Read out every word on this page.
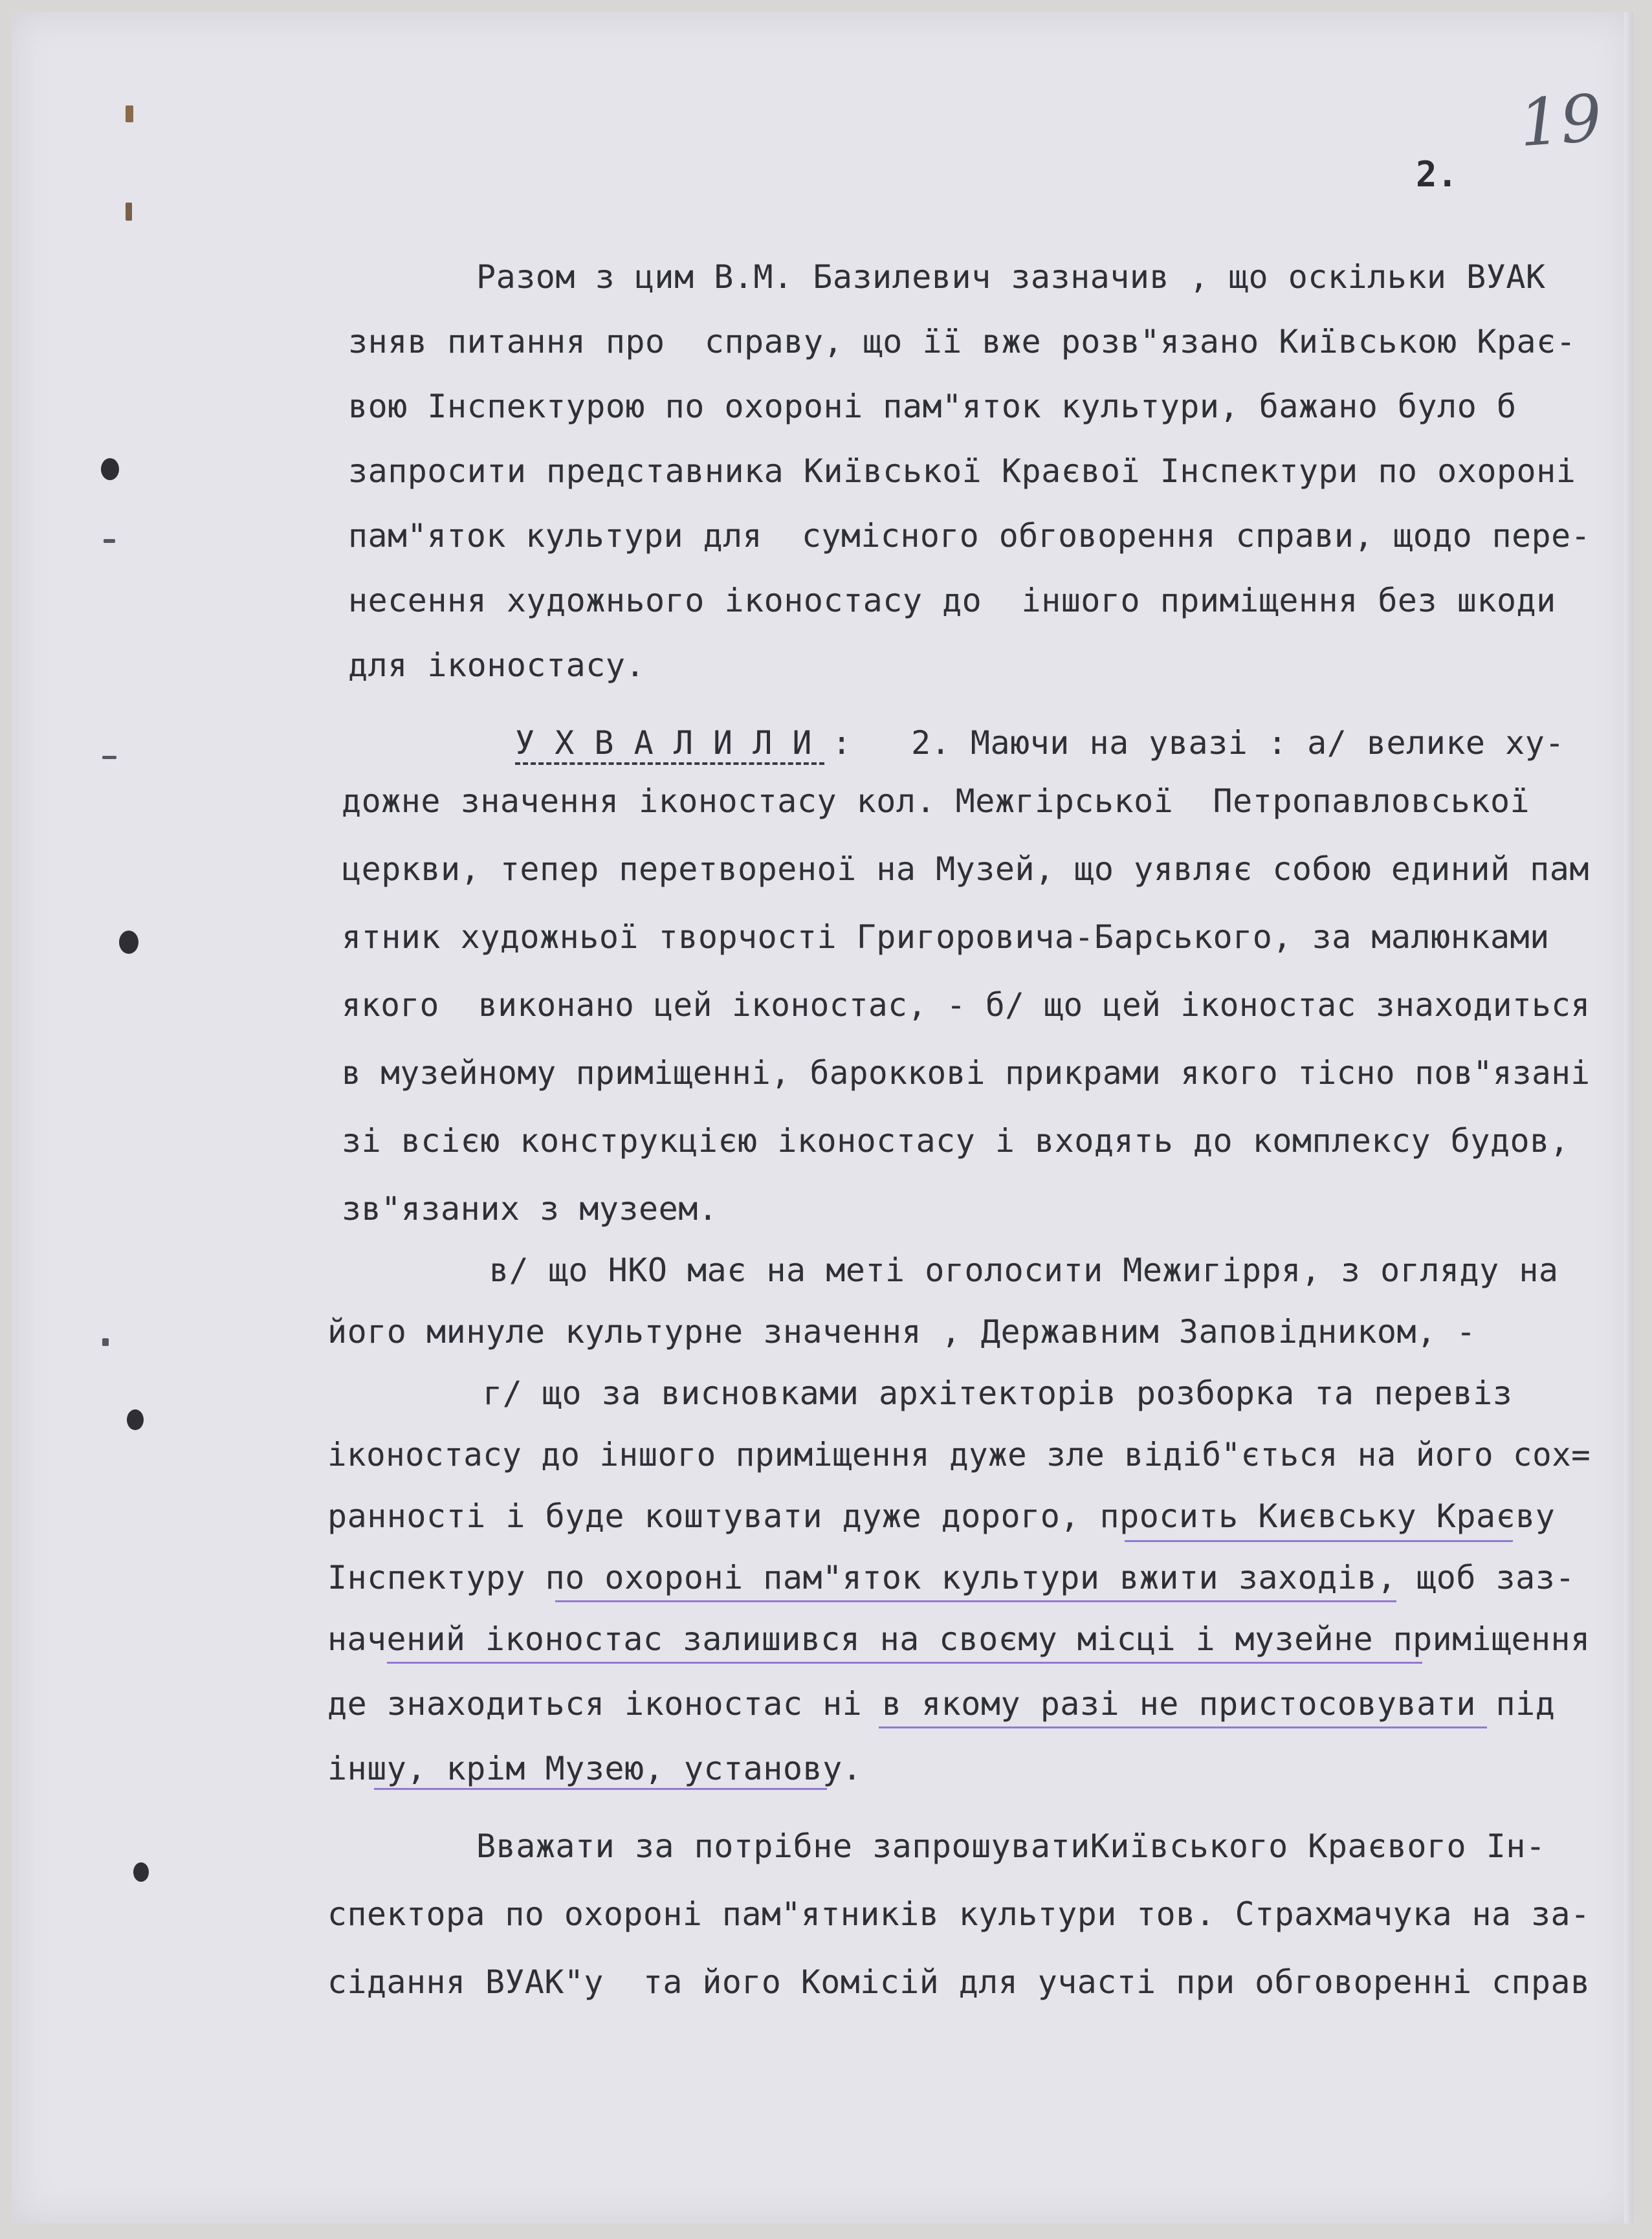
19
2.
Разом з цим В.М. Базилевич зазначив , що оскільки ВУАК
зняв питання про  справу, що її вже розв"язано Київською Крає-
вою Інспектурою по охороні пам"яток культури, бажано було б
запросити представника Київської Краєвої Інспектури по охороні
пам"яток культури для  сумісного обговорення справи, щодо пере-
несення художнього іконостасу до  іншого приміщення без шкоди
для іконостасу.
У Х В А Л И Л И :   2. Маючи на увазі : а/ велике ху-
дожне значення іконостасу кол. Межгірської  Петропавловської
церкви, тепер перетвореної на Музей, що уявляє собою единий пам
ятник художньої творчості Григоровича-Барського, за малюнками
якого  виконано цей іконостас, - б/ що цей іконостас знаходиться
в музейному приміщенні, бароккові прикрами якого тісно пов"язані
зі всією конструкцією іконостасу і входять до комплексу будов,
зв"язаних з музеем.
в/ що НКО має на меті оголосити Межигірря, з огляду на
його минуле культурне значення , Державним Заповідником, -
г/ що за висновками архітекторів розборка та перевіз
іконостасу до іншого приміщення дуже зле відіб"ється на його сох=
ранності і буде коштувати дуже дорого, просить Києвську Краєву
Інспектуру по охороні пам"яток культури вжити заходів, щоб заз-
начений іконостас залишився на своєму місці і музейне приміщення
де знаходиться іконостас ні в якому разі не пристосовувати під
іншу, крім Музею, установу.
Вважати за потрібне запрошуватиКиївського Краєвого Ін-
спектора по охороні пам"ятників культури тов. Страхмачука на за-
сідання ВУАК"у  та його Комісій для участі при обговоренні справ
